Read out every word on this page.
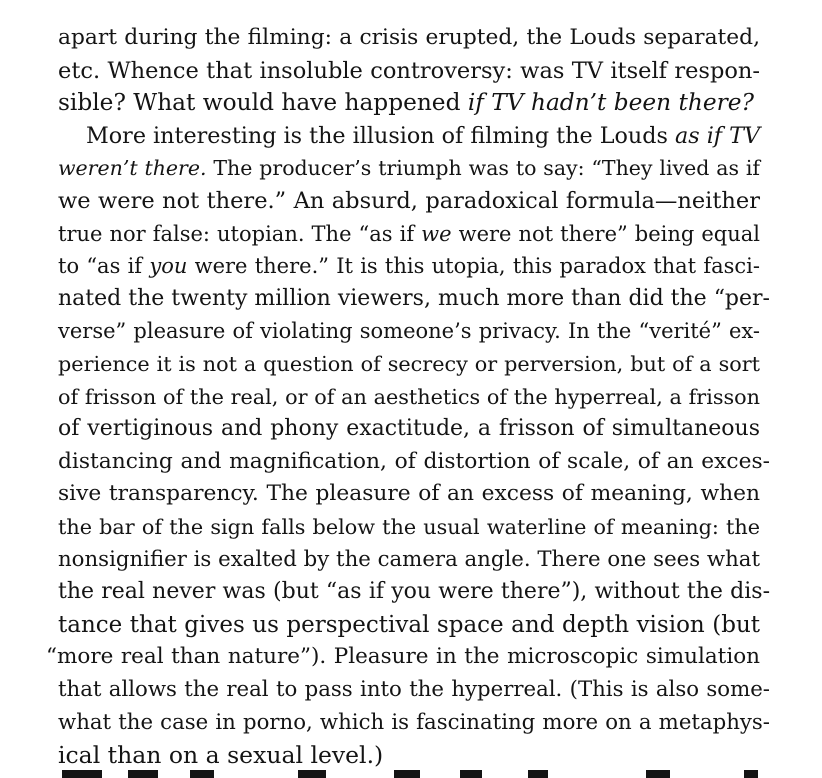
apart during the filming: a crisis erupted, the Louds separated,
etc. Whence that insoluble controversy: was TV itself respon-
sible? What would have happened if TV hadn’t been there?
More interesting is the illusion of filming the Louds as if TV
weren’t there. The producer’s triumph was to say: “They lived as if
we were not there.” An absurd, paradoxical formula—neither
true nor false: utopian. The “as if we were not there” being equal
to “as if you were there.” It is this utopia, this paradox that fasci-
nated the twenty million viewers, much more than did the “per-
verse” pleasure of violating someone’s privacy. In the “verité” ex-
perience it is not a question of secrecy or perversion, but of a sort
of frisson of the real, or of an aesthetics of the hyperreal, a frisson
of vertiginous and phony exactitude, a frisson of simultaneous
distancing and magnification, of distortion of scale, of an exces-
sive transparency. The pleasure of an excess of meaning, when
the bar of the sign falls below the usual waterline of meaning: the
nonsignifier is exalted by the camera angle. There one sees what
the real never was (but “as if you were there”), without the dis-
tance that gives us perspectival space and depth vision (but
“more real than nature”). Pleasure in the microscopic simulation
that allows the real to pass into the hyperreal. (This is also some-
what the case in porno, which is fascinating more on a metaphys-
ical than on a sexual level.)
